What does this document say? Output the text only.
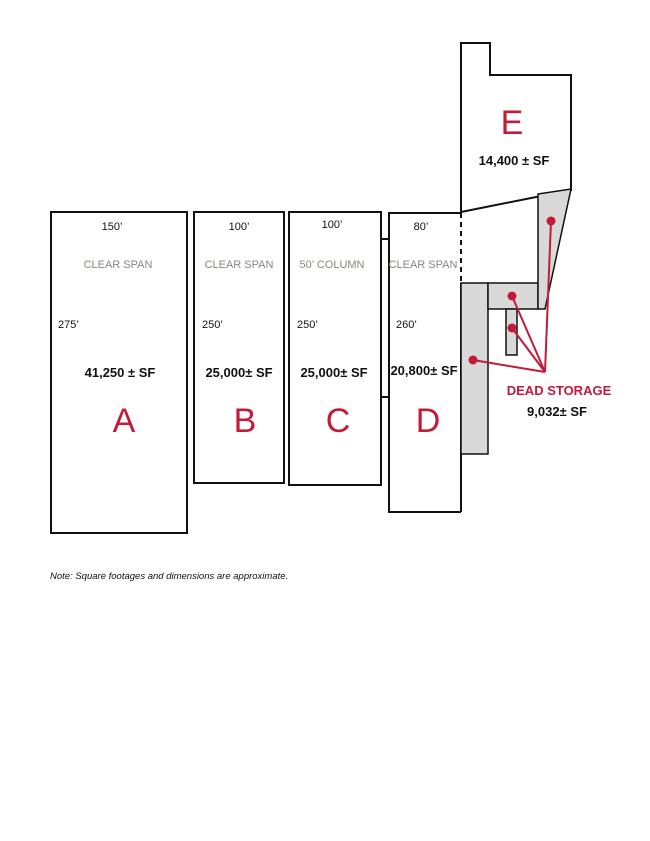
150’
CLEAR SPAN
275’
41,250 ± SF
A
100’
CLEAR SPAN
250’
25,000± SF
B
100’
50’ COLUMN
250’
25,000± SF
C
80’
CLEAR SPAN
260’
20,800± SF
D
E
14,400 ± SF
DEAD STORAGE
9,032± SF

Note: Square footages and dimensions are approximate.
